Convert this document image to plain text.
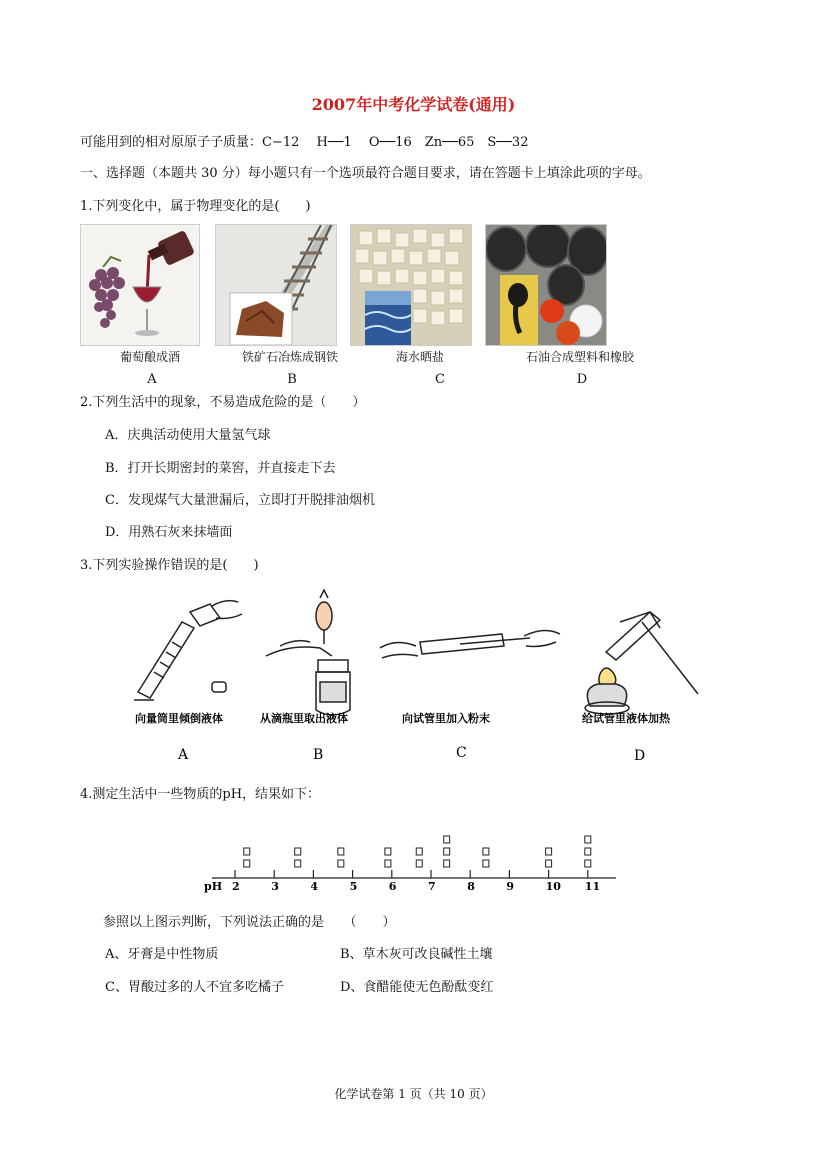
2007年中考化学试卷(通用)
可能用到的相对原原子子质量：C−12　 H──1　 O──16　Zn──65　S──32
一、选择题（本题共 30 分）每小题只有一个选项最符合题目要求，请在答题卡上填涂此项的字母。
1.下列变化中，属于物理变化的是(　　)
葡萄酿成酒	铁矿石冶炼成钢铁	海水晒盐	石油合成塑料和橡胶
A	B	C	D
2.下列生活中的现象，不易造成危险的是（　　）
A．庆典活动使用大量氢气球
B．打开长期密封的菜窖，并直接走下去
C．发现煤气大量泄漏后，立即打开脱排油烟机
D．用熟石灰来抹墙面
3.下列实验操作错误的是(　　)
向量筒里倾倒液体	从滴瓶里取出液体	向试管里加入粉末	给试管里液体加热
A	B	C	D
4.测定生活中一些物质的pH，结果如下：
2	3	4	5	6	7	8	9	10 11
pH
参照以上图示判断，下列说法正确的是　　（　　）
A、牙膏是中性物质	B、草木灰可改良碱性土壤
C、胃酸过多的人不宜多吃橘子	D、食醋能使无色酚酞变红
化学试卷第 1 页（共 10 页）
